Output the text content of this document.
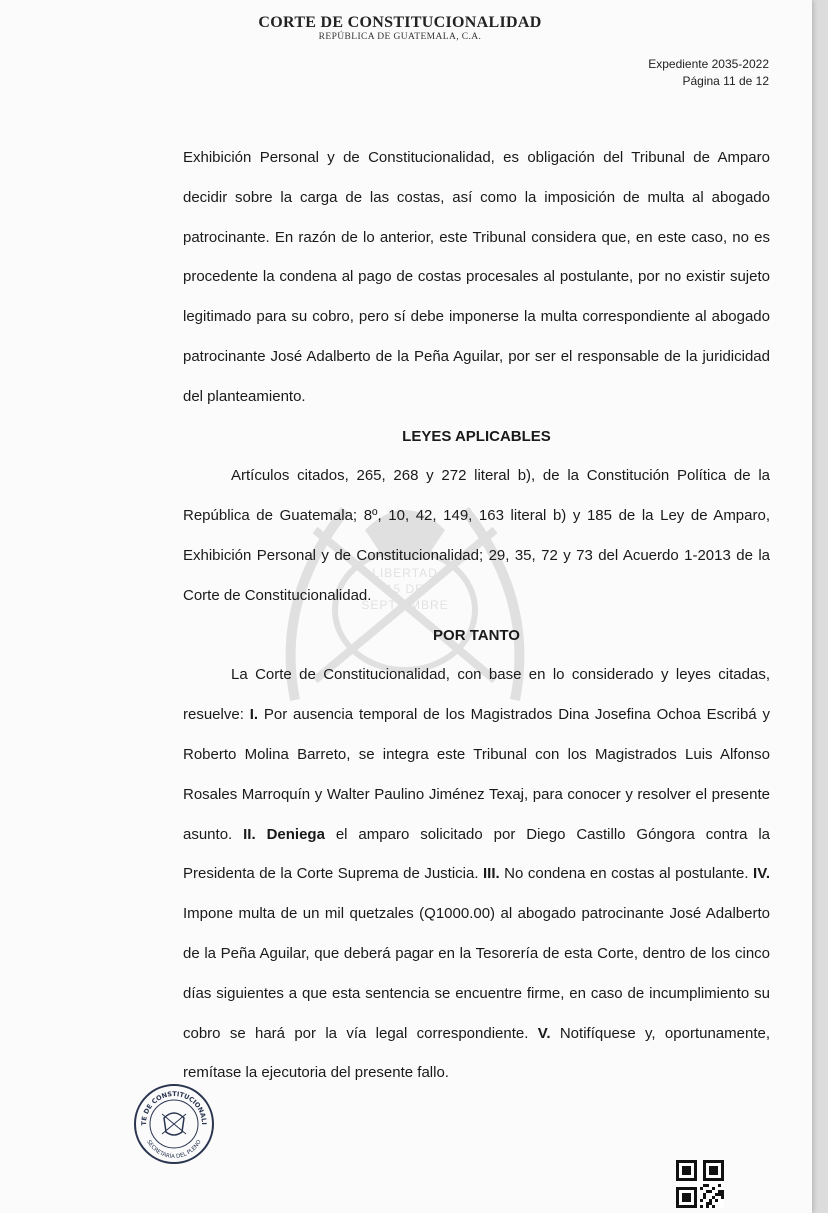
CORTE DE CONSTITUCIONALIDAD
REPÚBLICA DE GUATEMALA, C.A.
Expediente 2035-2022
Página 11 de 12
LIBERTAD
15 DE
SEPTIEMBRE

Exhibición Personal y de Constitucionalidad, es obligación del Tribunal de Amparo decidir sobre la carga de las costas, así como la imposición de multa al abogado patrocinante. En razón de lo anterior, este Tribunal considera que, en este caso, no es procedente la condena al pago de costas procesales al postulante, por no existir sujeto legitimado para su cobro, pero sí debe imponerse la multa correspondiente al abogado patrocinante José Adalberto de la Peña Aguilar, por ser el responsable de la juridicidad del planteamiento.

LEYES APLICABLES

Artículos citados, 265, 268 y 272 literal b), de la Constitución Política de la República de Guatemala; 8º, 10, 42, 149, 163 literal b) y 185 de la Ley de Amparo, Exhibición Personal y de Constitucionalidad; 29, 35, 72 y 73 del Acuerdo 1-2013 de la Corte de Constitucionalidad.

POR TANTO

La Corte de Constitucionalidad, con base en lo considerado y leyes citadas, resuelve: I. Por ausencia temporal de los Magistrados Dina Josefina Ochoa Escribá y Roberto Molina Barreto, se integra este Tribunal con los Magistrados Luis Alfonso Rosales Marroquín y Walter Paulino Jiménez Texaj, para conocer y resolver el presente asunto. II. Deniega el amparo solicitado por Diego Castillo Góngora contra la Presidenta de la Corte Suprema de Justicia. III. No condena en costas al postulante. IV. Impone multa de un mil quetzales (Q1000.00) al abogado patrocinante José Adalberto de la Peña Aguilar, que deberá pagar en la Tesorería de esta Corte, dentro de los cinco días siguientes a que esta sentencia se encuentre firme, en caso de incumplimiento su cobro se hará por la vía legal correspondiente. V. Notifíquese y, oportunamente, remítase la ejecutoria del presente fallo.

TE DE CONSTITUCIONALI
SECRETARÍA DEL PLENO
